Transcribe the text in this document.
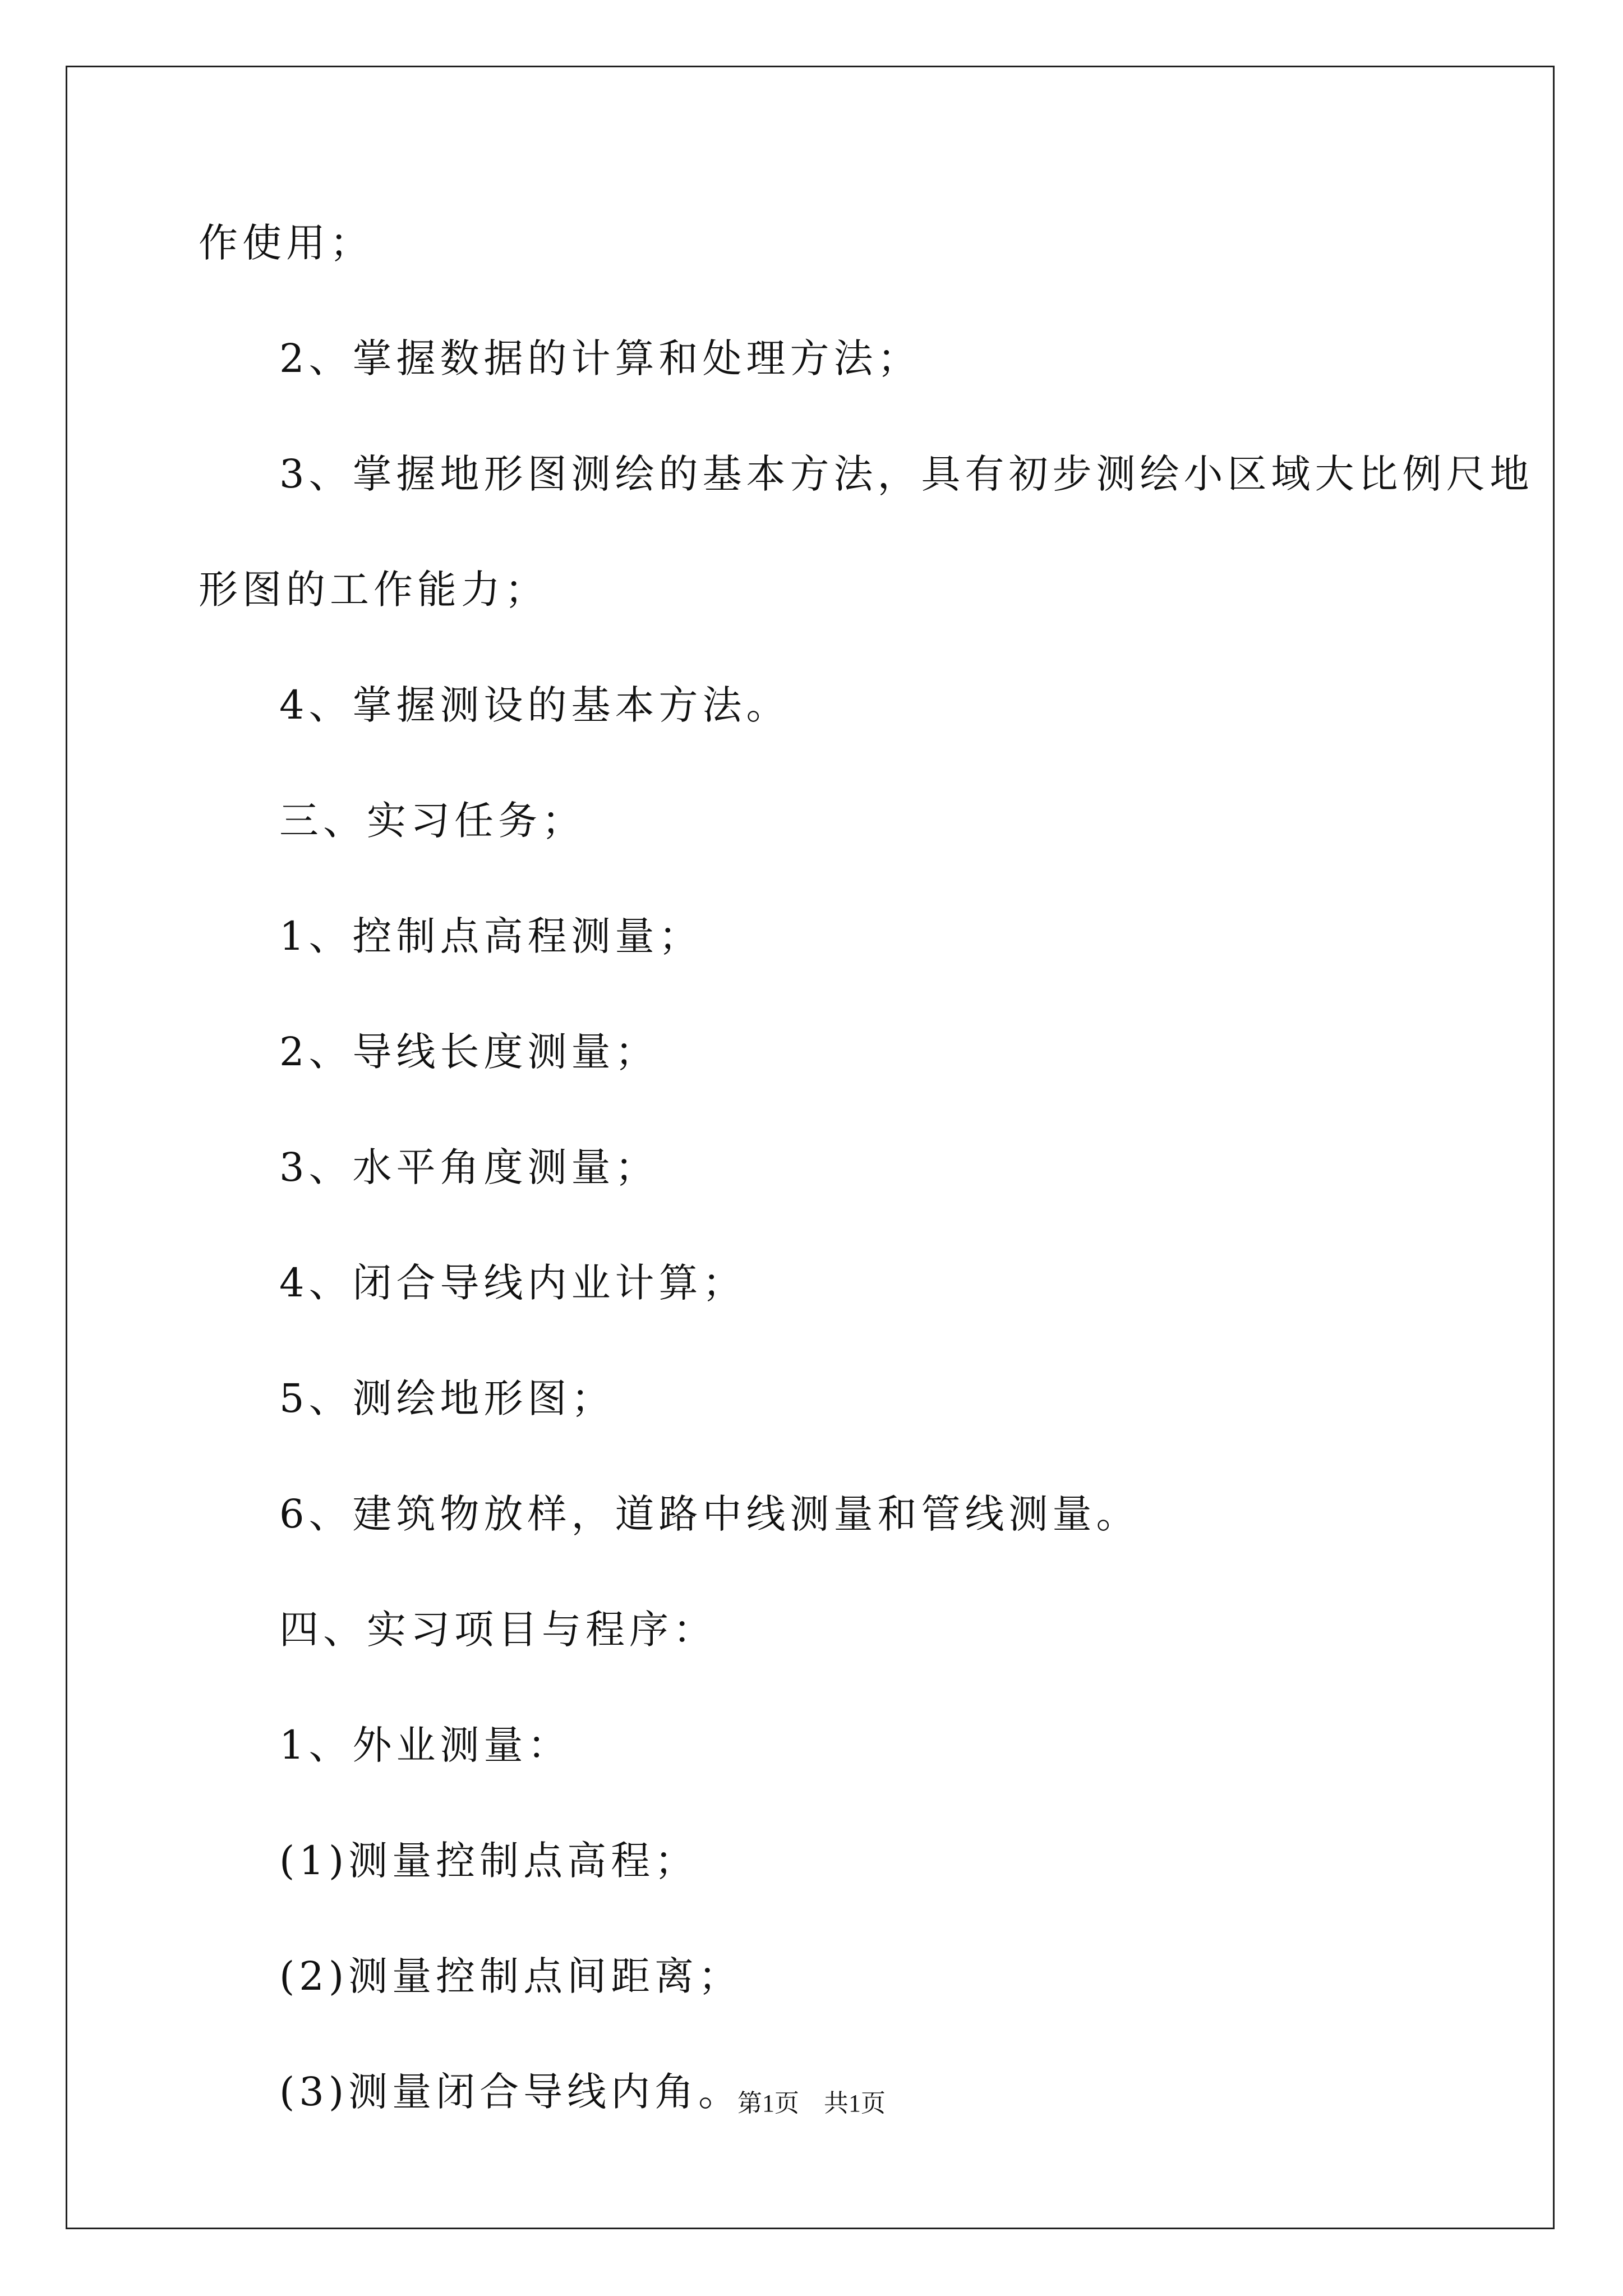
作使用；
2、掌握数据的计算和处理方法；
3、掌握地形图测绘的基本方法，具有初步测绘小区域大比例尺地
形图的工作能力；
4、掌握测设的基本方法。
三、实习任务；
1、控制点高程测量；
2、导线长度测量；
3、水平角度测量；
4、闭合导线内业计算；
5、测绘地形图；
6、建筑物放样，道路中线测量和管线测量。
四、实习项目与程序：
1、外业测量：
(1)测量控制点高程；
(2)测量控制点间距离；
(3)测量闭合导线内角。
第1页　共1页
